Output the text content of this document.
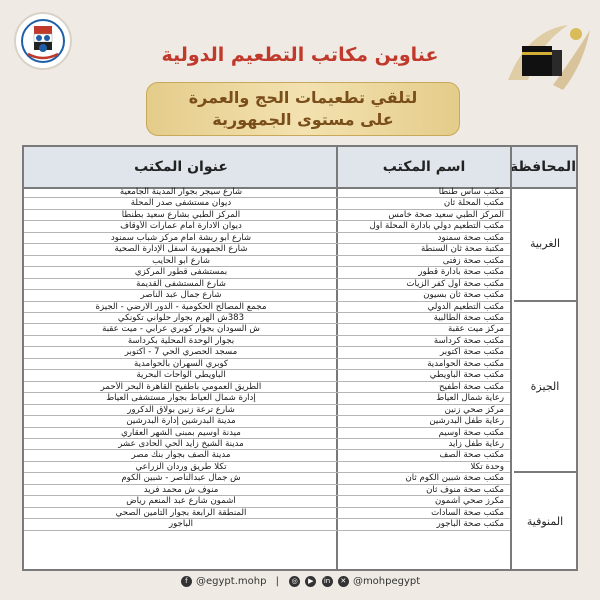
عناوين مكاتب التطعيم الدولية
لتلقي تطعيمات الحج والعمرة
على مستوى الجمهورية
المحافظة
اسم المكتب
عنوان المكتب
الغربية
الجيزة
المنوفية
مكتب ساس طنطا
مكتب المحلة ثان
المركز الطبي سعيد صحة خامس
مكتب التطعيم دولي بادارة المحلة اول
مكتب صحة سمنود
مكتبة صحة ثان السنطة
مكتب صحة زفتى
مكتب صحة بادارة قطور
مكتب صحة أول كفر الزيات
مكتب صحة ثان بسيون
مكتب التطعيم الدولي
مكتب صحة الطالبية
مركز ميت عقبة
مكتب صحة كرداسة
مكتب صحة أكتوبر
مكتب صحة الحوامدية
مكتب صحة الباويطي
مكتب صحة أطفيح
رعاية شمال العياط
مركز صحي زنين
رعاية طفل البدرشين
مكتب صحة أوسيم
رعاية طفل زايد
مكتب صحة الصف
وحدة تكلا
مكتب صحة شبين الكوم ثان
مكتب صحة منوف ثان
مكرز صحي أشمون
مكتب صحة السادات
مكتب صحة الباجور
شارع سيجر بجوار المدينة الجامعية
ديوان مستشفى صدر المحلة
المركز الطبي بشارع سعيد بطنطا
ديوان الادارة امام عمارات الأوقاف
شارع أبو ربشة امام مركز شباب سمنود
شارع الجمهورية أسفل الإدارة الصحية
شارع أبو الحايب
بمستشفى قطور المركزي
شارع المستشفى القديمة
شارع جمال عبد الناصر
مجمع المصالح الحكومية - الدور الارضي - الجيزة
383ش الهرم بجوار حلواني تكونكي
ش السودان بجوار كوبري عرابي - ميت عقبة
بجوار الوحدة المحلية بكرداسة
مسجد الحصري الحي 7 - أكتوبر
كوبري السهران بالحوامدية
الباويطي الواحات البحرية
الطريق العمومي بأطفيح القاهرة البحر الأحمر
إدارة شمال العياط بجوار مستشفى العياط
شارع ترعة زنين بولاق الدكرور
مدينة البدرشين إدارة البدرشين
ميدنة أوسيم بمبنى الشهر العقاري
مدينة الشيخ زايد الحي الحادى عشر
مدينة الصف بجوار بنك مصر
تكلا طريق وردان الزراعي
ش جمال عبدالناصر - شبين الكوم
منوف ش محمد فريد
أشمون شارع عبد المنعم رياض
المنطقة الرابعة بجوار التأمين الصحي
الباجور
f @egypt.mohp | ◎ ▶ in ✕ @mohpegypt
